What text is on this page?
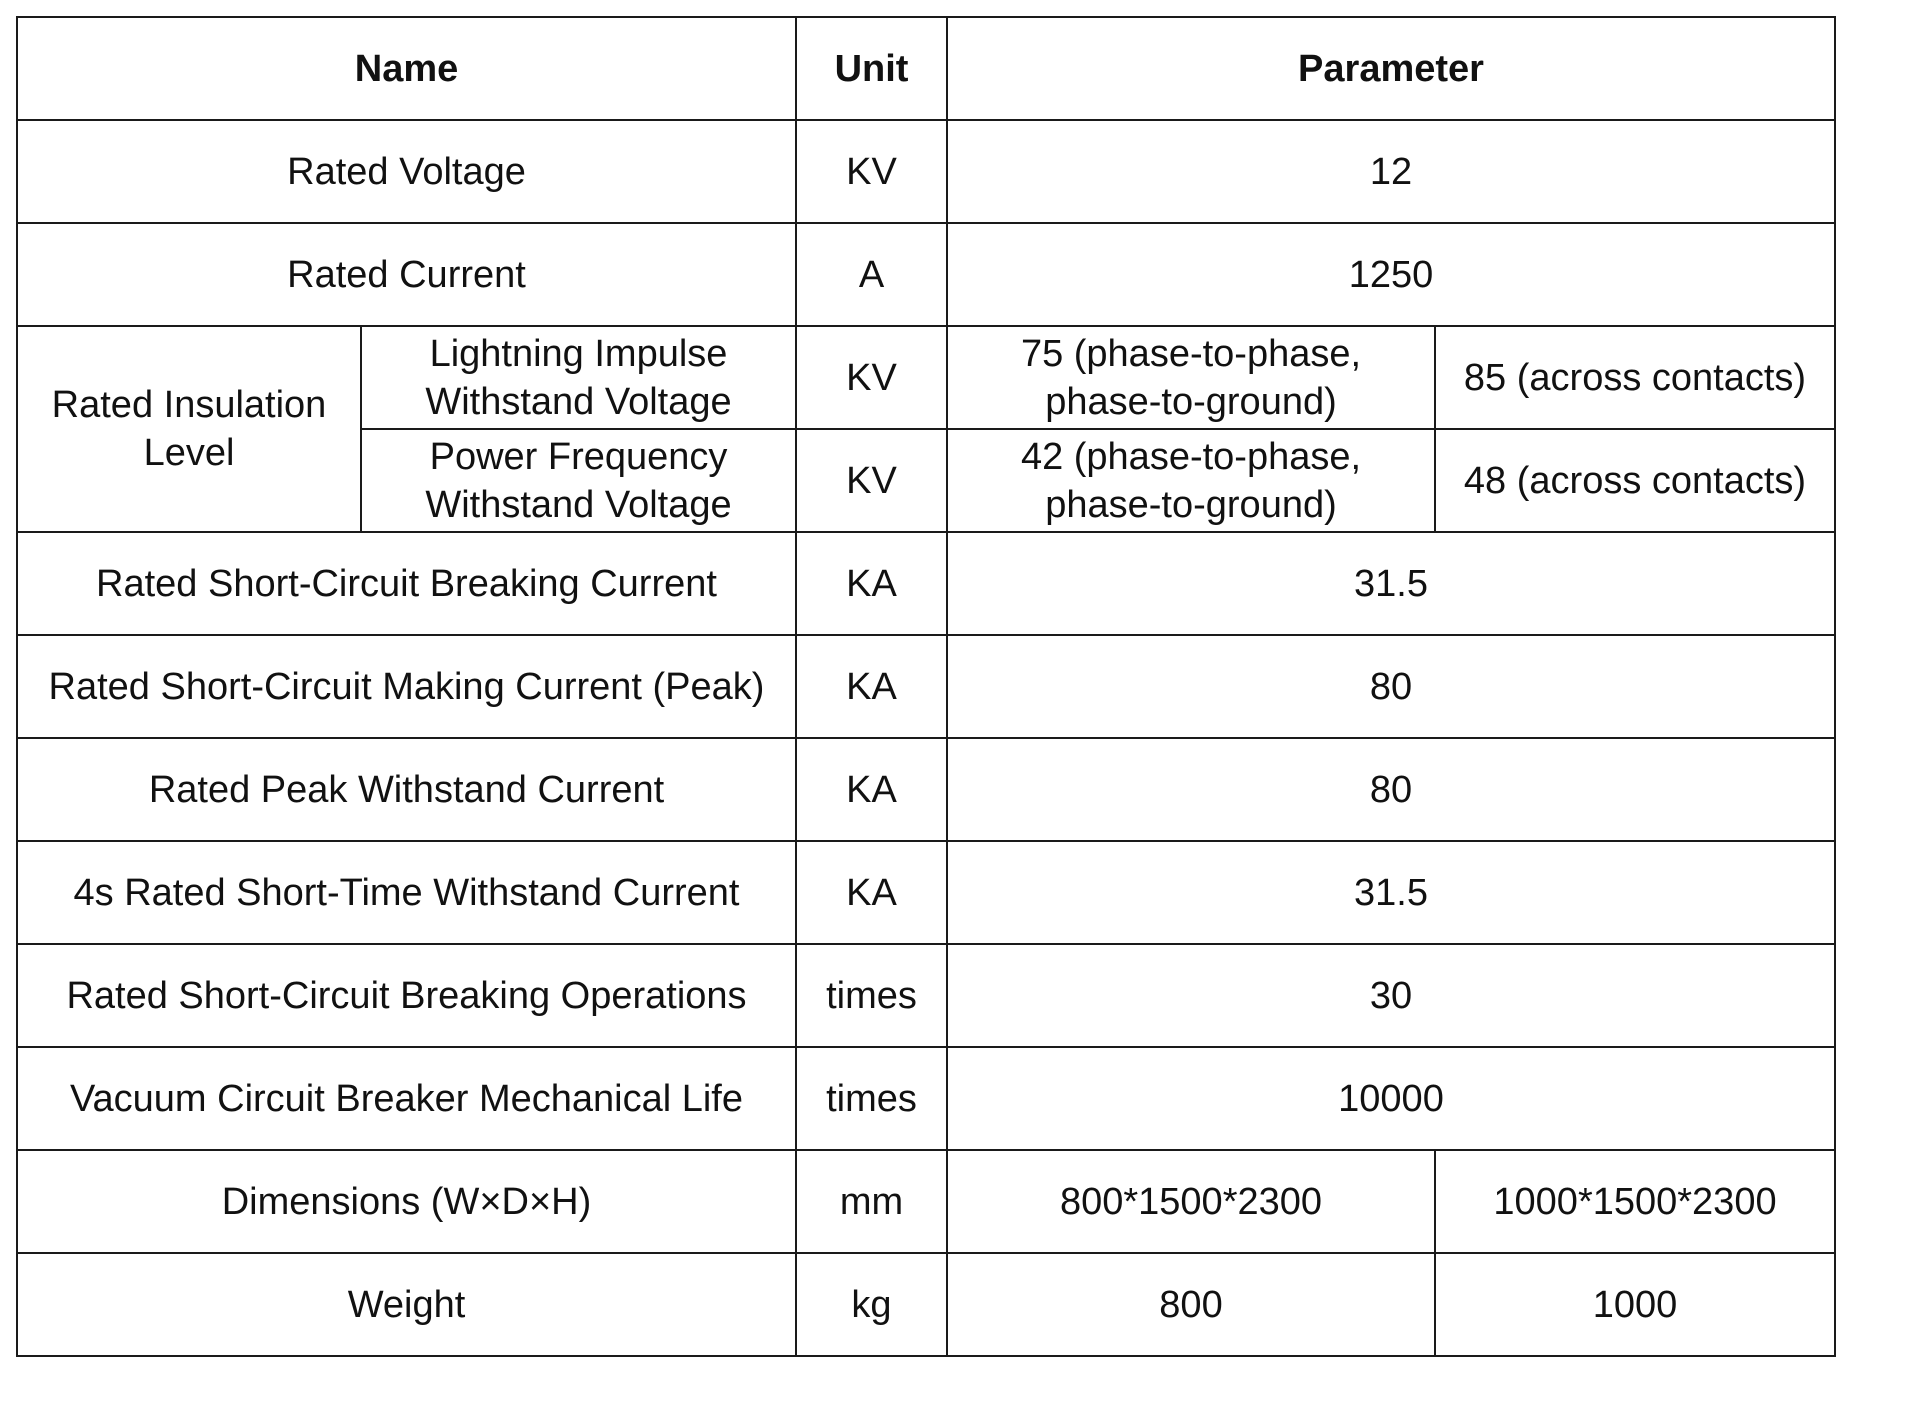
Name		Unit	Parameter	
Rated Voltage		KV	12	
Rated Current		A	1250	
Rated Insulation Level	Lightning Impulse Withstand Voltage	KV	75 (phase-to-phase, phase-to-ground)	85 (across contacts)
	Power Frequency Withstand Voltage	KV	42 (phase-to-phase, phase-to-ground)	48 (across contacts)
Rated Short-Circuit Breaking Current		KA	31.5	
Rated Short-Circuit Making Current (Peak)		KA	80	
Rated Peak Withstand Current		KA	80	
4s Rated Short-Time Withstand Current		KA	31.5	
Rated Short-Circuit Breaking Operations		times	30	
Vacuum Circuit Breaker Mechanical Life		times	10000	
Dimensions (W×D×H)		mm	800*1500*2300	1000*1500*2300
Weight		kg	800	1000
